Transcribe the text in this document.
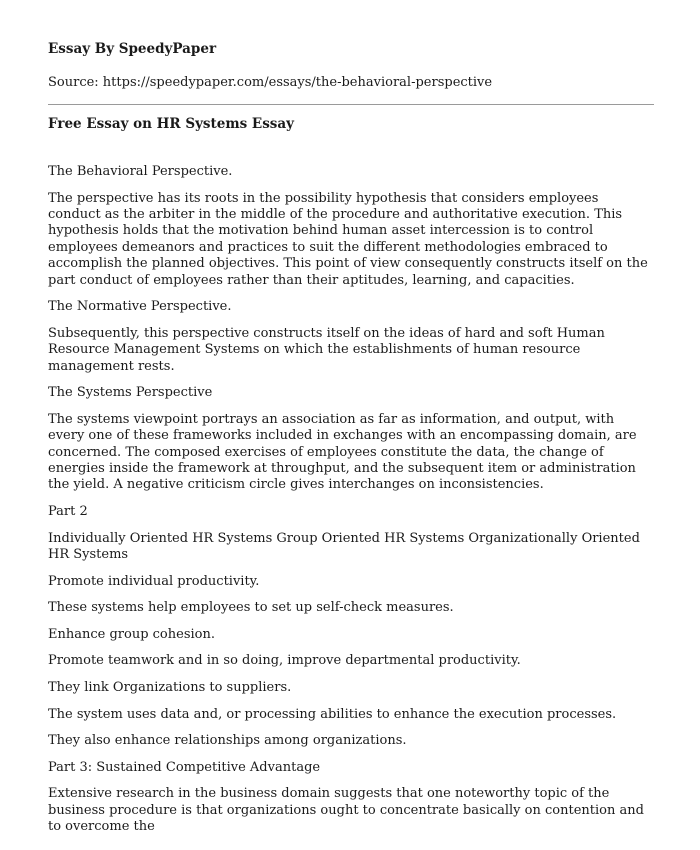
Essay By SpeedyPaper
Source: https://speedypaper.com/essays/the-behavioral-perspective
Free Essay on HR Systems Essay
The Behavioral Perspective.
The perspective has its roots in the possibility hypothesis that considers employees conduct as the arbiter in the middle of the procedure and authoritative execution. This hypothesis holds that the motivation behind human asset intercession is to control employees demeanors and practices to suit the different methodologies embraced to accomplish the planned objectives. This point of view consequently constructs itself on the part conduct of employees rather than their aptitudes, learning, and capacities.
The Normative Perspective.
Subsequently, this perspective constructs itself on the ideas of hard and soft Human Resource Management Systems on which the establishments of human resource management rests.
The Systems Perspective
The systems viewpoint portrays an association as far as information, and output, with every one of these frameworks included in exchanges with an encompassing domain, are concerned. The composed exercises of employees constitute the data, the change of energies inside the framework at throughput, and the subsequent item or administration the yield. A negative criticism circle gives interchanges on inconsistencies.
Part 2
Individually Oriented HR Systems Group Oriented HR Systems Organizationally Oriented HR Systems
Promote individual productivity.
These systems help employees to set up self-check measures.
Enhance group cohesion.
Promote teamwork and in so doing, improve departmental productivity.
They link Organizations to suppliers.
The system uses data and, or processing abilities to enhance the execution processes.
They also enhance relationships among organizations.
Part 3: Sustained Competitive Advantage
Extensive research in the business domain suggests that one noteworthy topic of the business procedure is that organizations ought to concentrate basically on contention and to overcome the
